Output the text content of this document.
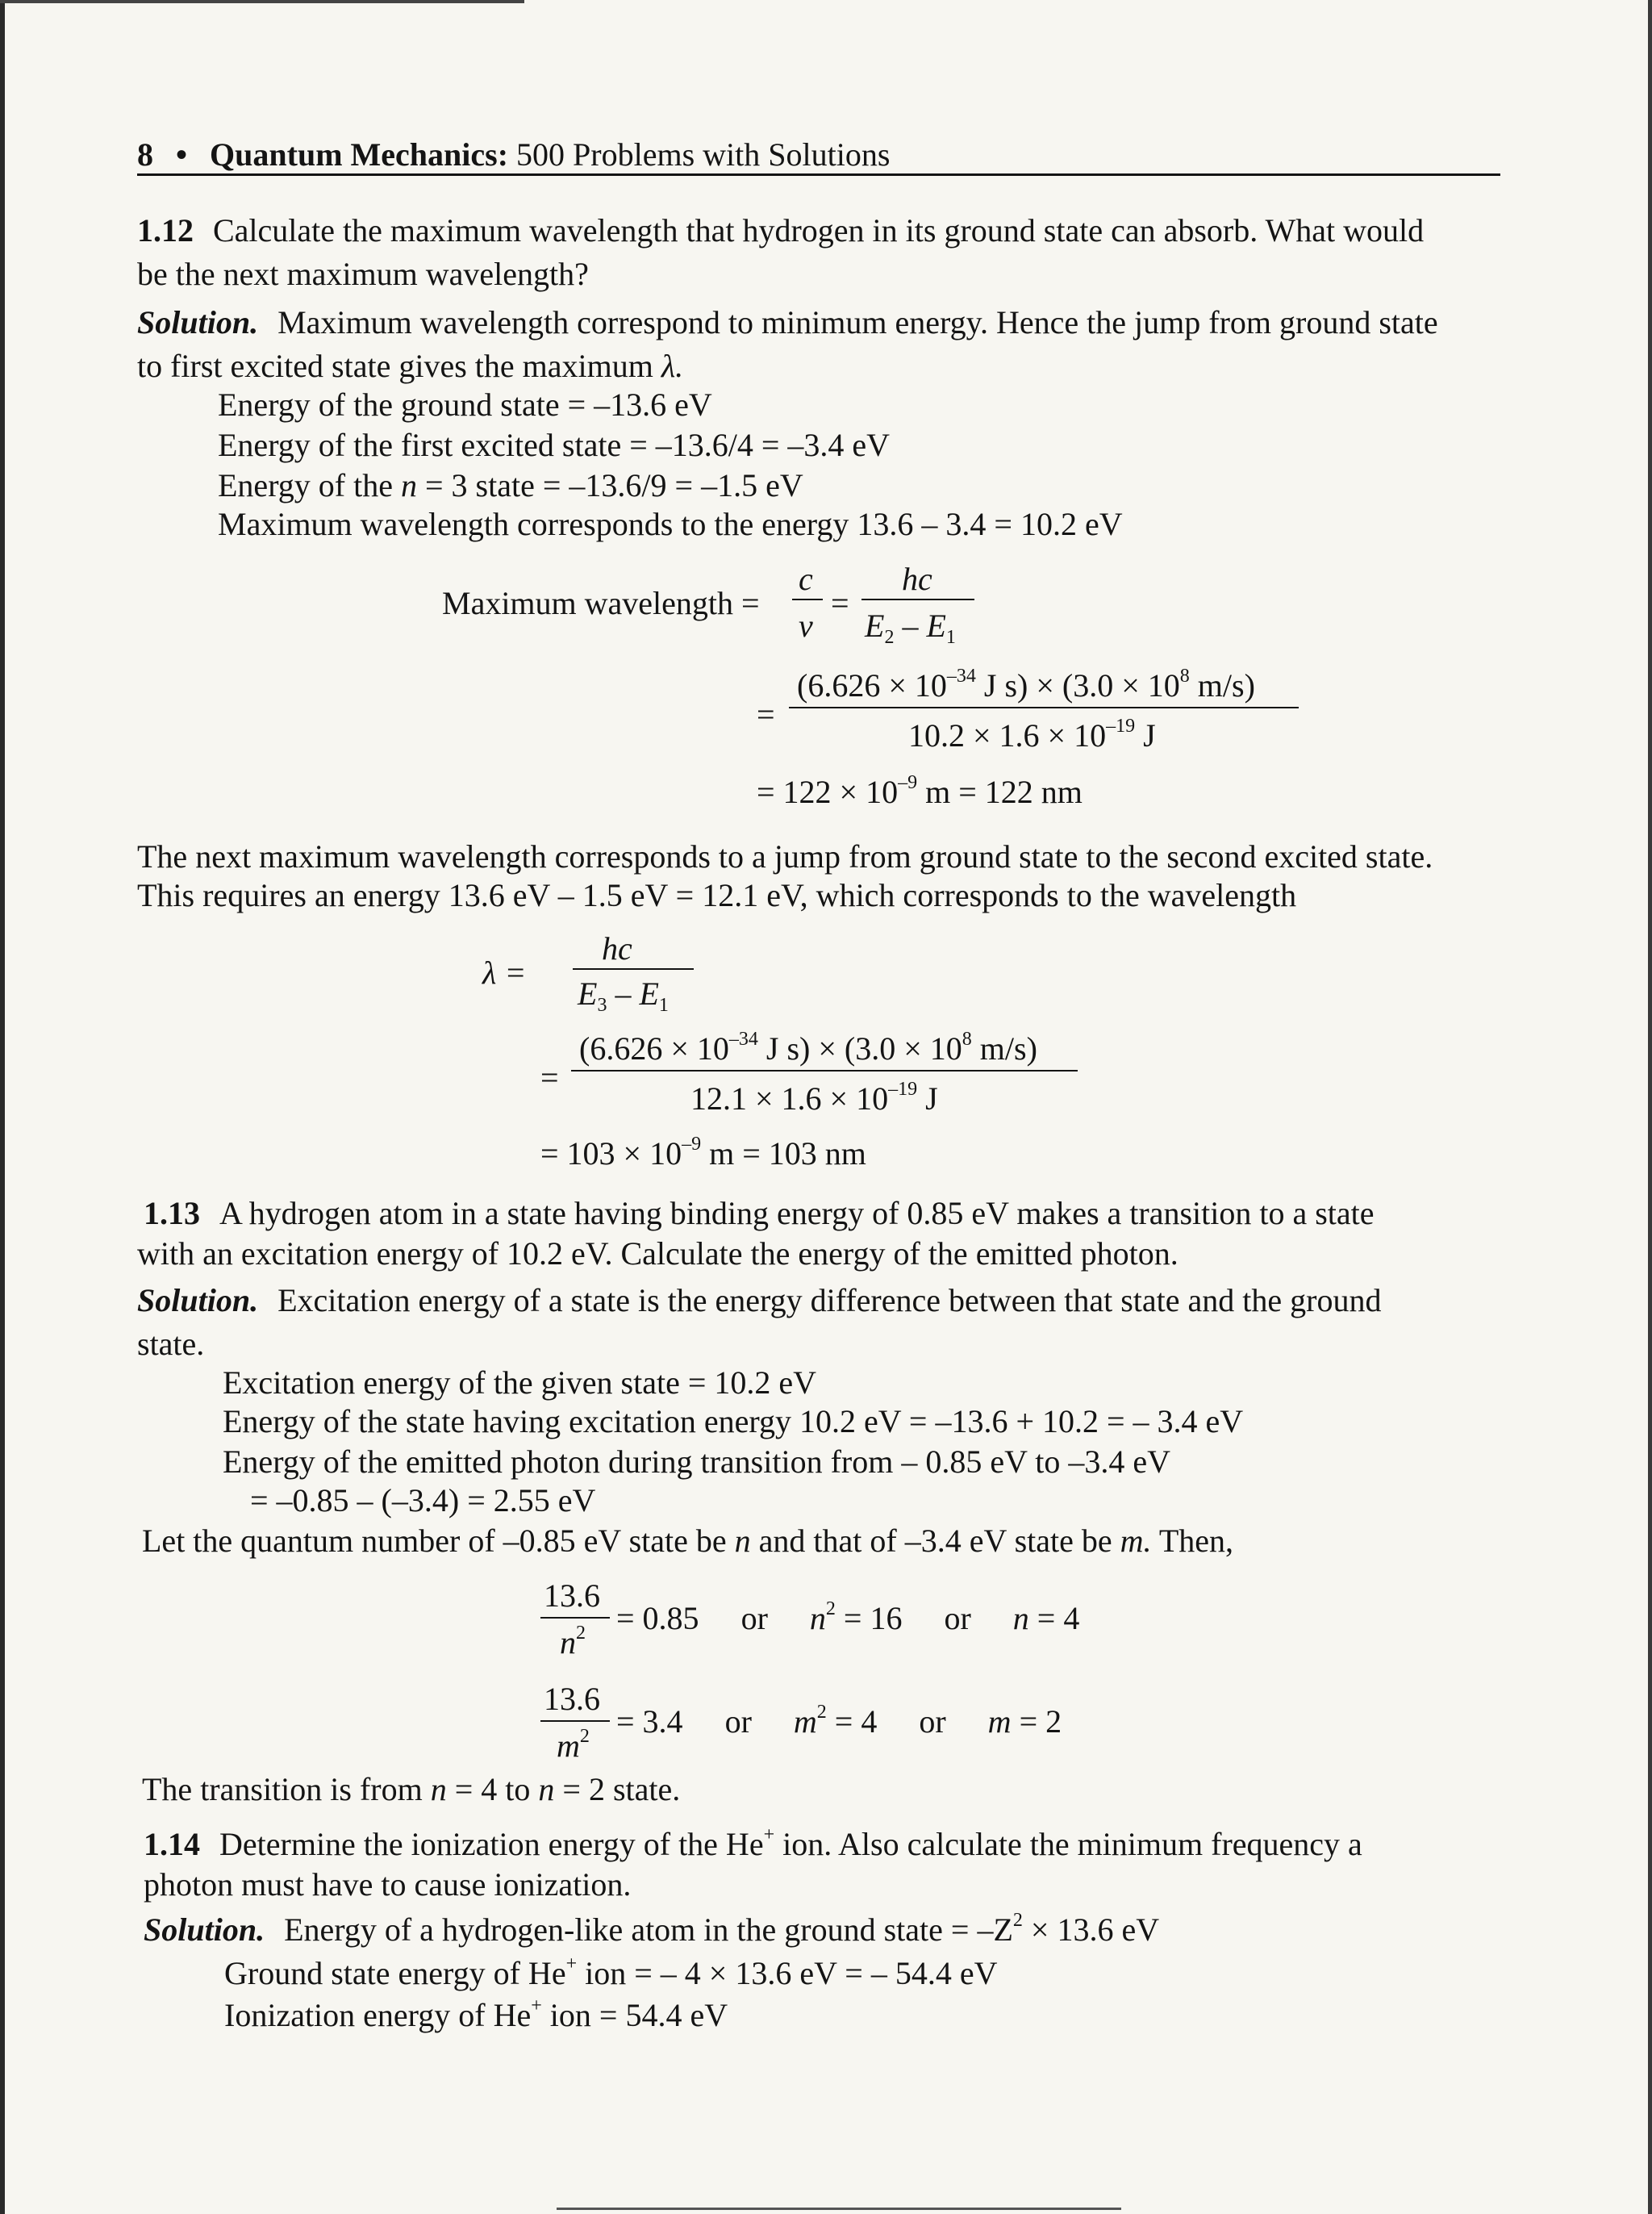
8 • Quantum Mechanics: 500 Problems with Solutions
1.12 Calculate the maximum wavelength that hydrogen in its ground state can absorb. What would
be the next maximum wavelength?
Solution. Maximum wavelength correspond to minimum energy. Hence the jump from ground state
to first excited state gives the maximum λ.
Energy of the ground state = –13.6 eV
Energy of the first excited state = –13.6/4 = –3.4 eV
Energy of the n = 3 state = –13.6/9 = –1.5 eV
Maximum wavelength corresponds to the energy 13.6 – 3.4 = 10.2 eV
Maximum wavelength =
c
ν
=
hc
$E_2 - E_1$
=
($6.626 \times 10^{-34}$ J $s) \times (3.0 \times 10^8$ m/s)
$10.2 \times 1.6 \times 10^{-19}$ J
= $122 \times 10^{-9}$ m = 122 nm
The next maximum wavelength corresponds to a jump from ground state to the second excited state.
This requires an energy 13.6 eV – 1.5 eV = 12.1 eV, which corresponds to the wavelength
λ =
hc
$E_3 - E_1$
=
($6.626 \times 10^{-34}$ J $s) \times (3.0 \times 10^8$ m/s)
$12.1 \times 1.6 \times 10^{-19}$ J
= $103 \times 10^{-9}$ m = 103 nm
1.13 A hydrogen atom in a state having binding energy of 0.85 eV makes a transition to a state
with an excitation energy of 10.2 eV. Calculate the energy of the emitted photon.
Solution. Excitation energy of a state is the energy difference between that state and the ground
state.
Excitation energy of the given state = 10.2 eV
Energy of the state having excitation energy 10.2 eV = –13.6 + 10.2 = – 3.4 eV
Energy of the emitted photon during transition from – 0.85 eV to –3.4 eV
= –0.85 – (–3.4) = 2.55 eV
Let the quantum number of –0.85 eV state be n and that of –3.4 eV state be m. Then,
13.6
$n^2 = 0.85$ or $n^2 = 16$ or n = 4
13.6
$m^2 = 3.4$ or $m^2 = 4$ or m = 2
The transition is from n = 4 to n = 2 state.
1.14 Determine the ionization energy of the He+ ion. Also calculate the minimum frequency a
photon must have to cause ionization.
Solution. Energy of a hydrogen-like atom in the ground state = $-Z^2 \times 13.6$ eV
Ground state energy of He+ ion = – 4 × 13.6 eV = – 54.4 eV
Ionization energy of He+ ion = 54.4 eV
